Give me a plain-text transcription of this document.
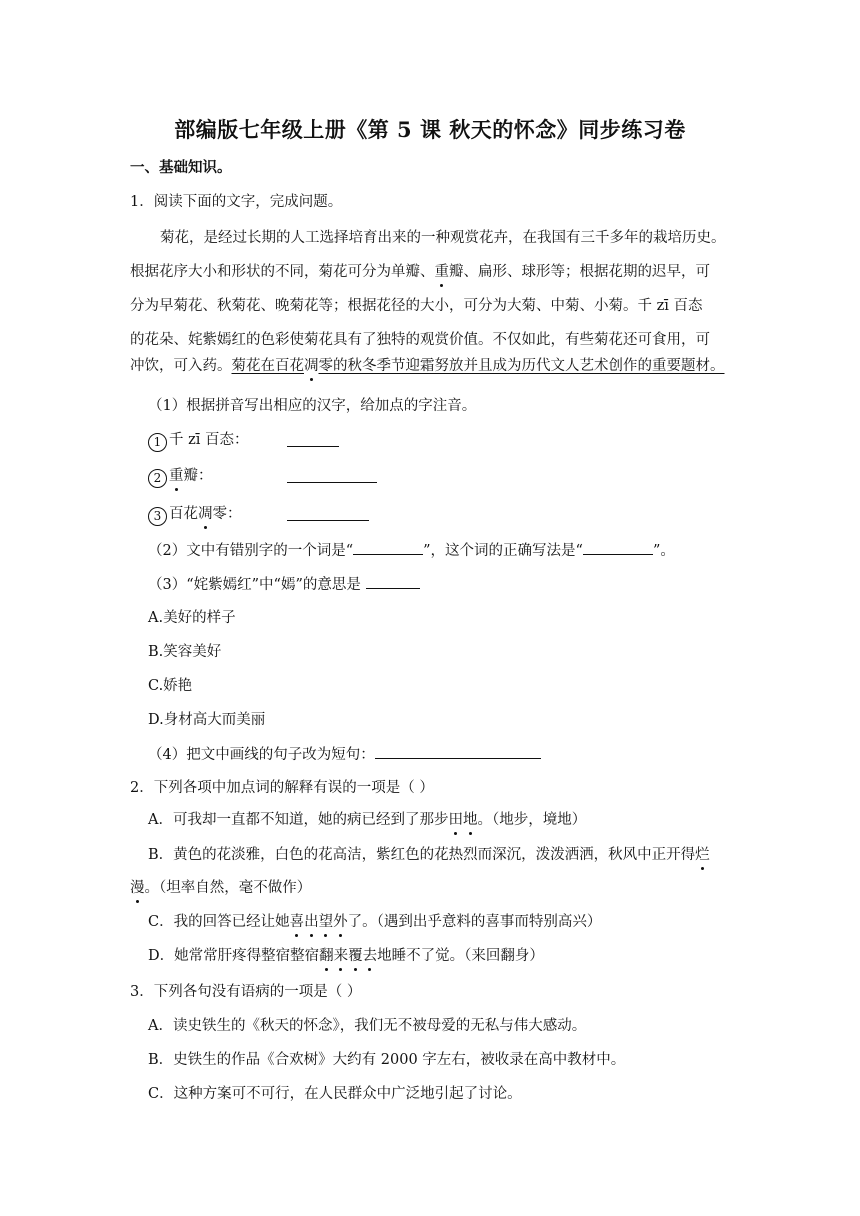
部编版七年级上册《第 5 课 秋天的怀念》同步练习卷
一、基础知识。
1．阅读下面的文字，完成问题。
菊花，是经过长期的人工选择培育出来的一种观赏花卉，在我国有三千多年的栽培历史。
根据花序大小和形状的不同，菊花可分为单瓣、重瓣、扁形、球形等；根据花期的迟早，可
分为早菊花、秋菊花、晚菊花等；根据花径的大小，可分为大菊、中菊、小菊。千 zī 百态
的花朵、姹紫嫣红的色彩使菊花具有了独特的观赏价值。不仅如此，有些菊花还可食用，可
冲饮，可入药。菊花在百花凋零的秋冬季节迎霜努放并且成为历代文人艺术创作的重要题材。
（1）根据拼音写出相应的汉字，给加点的字注音。
1 千 zī 百态：
2 重瓣：
3 百花凋零：
（2）文中有错别字的一个词是“	”，这个词的正确写法是“	”。
（3）“姹紫嫣红”中“嫣”的意思是
A.美好的样子
B.笑容美好
C.娇艳
D.身材高大而美丽
（4）把文中画线的句子改为短句：
2．下列各项中加点词的解释有误的一项是（ ）
A．可我却一直都不知道，她的病已经到了那步田地。（地步，境地）
B．黄色的花淡雅，白色的花高洁，紫红色的花热烈而深沉，泼泼洒洒，秋风中正开得烂
漫。（坦率自然，毫不做作）
C．我的回答已经让她喜出望外了。（遇到出乎意料的喜事而特别高兴）
D．她常常肝疼得整宿整宿翻来覆去地睡不了觉。（来回翻身）
3．下列各句没有语病的一项是（ ）
A．读史铁生的《秋天的怀念》，我们无不被母爱的无私与伟大感动。
B．史铁生的作品《合欢树》大约有 2000 字左右，被收录在高中教材中。
C．这种方案可不可行，在人民群众中广泛地引起了讨论。
